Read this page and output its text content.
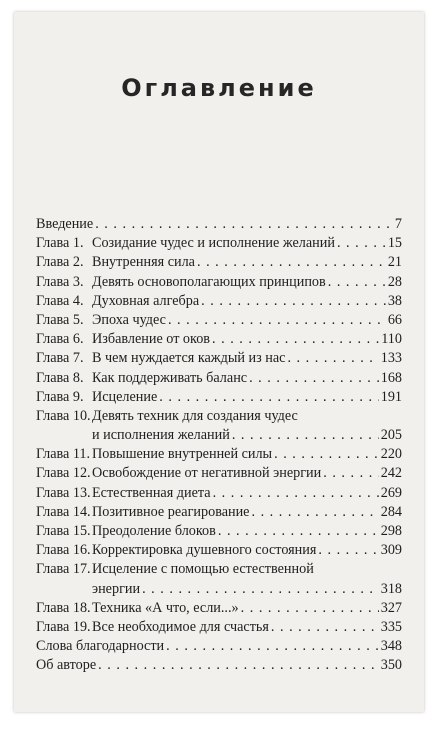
Оглавление
Введение . . .	7
Глава 1. Созидание чудес и исполнение желаний . . .	15
Глава 2. Внутренняя сила . . .	21
Глава 3. Девять основополагающих принципов . . .	28
Глава 4. Духовная алгебра . . .	38
Глава 5. Эпоха чудес . . .	66
Глава 6. Избавление от оков . . .	110
Глава 7. В чем нуждается каждый из нас . . .	133
Глава 8. Как поддерживать баланс . . .	168
Глава 9. Исцеление . . .	191
Глава 10. Девять техник для создания чудес
и исполнения желаний . . .	205
Глава 11. Повышение внутренней силы . . .	220
Глава 12. Освобождение от негативной энергии . . .	242
Глава 13. Естественная диета . . .	269
Глава 14. Позитивное реагирование . . .	284
Глава 15. Преодоление блоков . . .	298
Глава 16. Корректировка душевного состояния . . .	309
Глава 17. Исцеление с помощью естественной
энергии . . .	318
Глава 18. Техника «А что, если...» . . .	327
Глава 19. Все необходимое для счастья . . .	335
Слова благодарности . . .	348
Об авторе . . .	350
